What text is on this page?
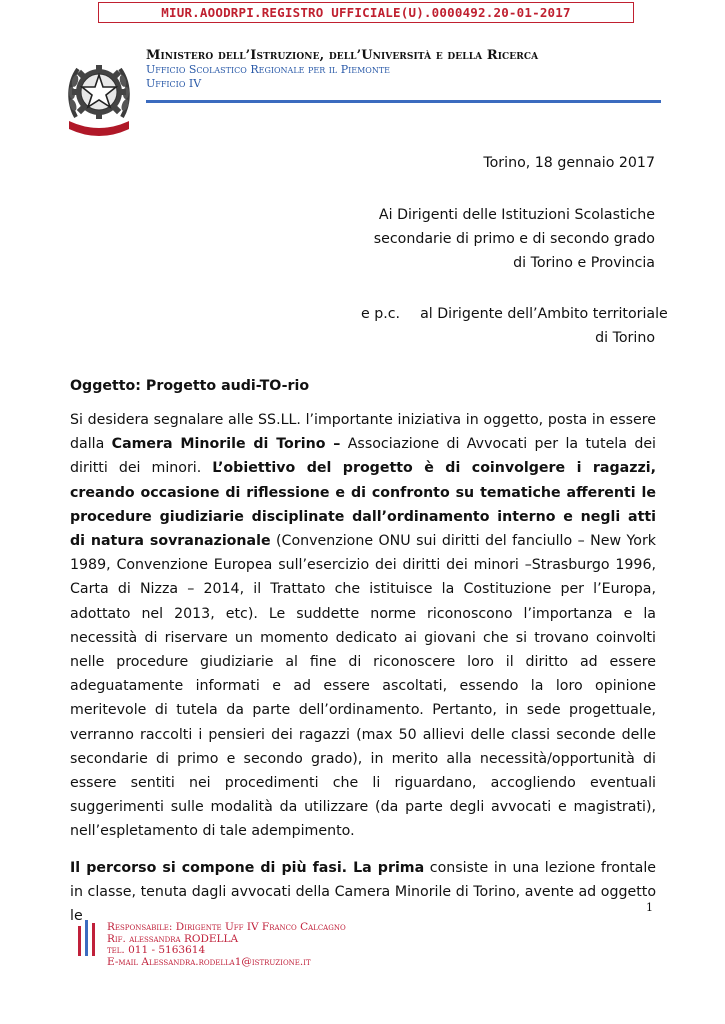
MIUR.AOODRPI.REGISTRO UFFICIALE(U).0000492.20-01-2017
Ministero dell’Istruzione, dell’Università e della Ricerca
Ufficio Scolastico Regionale per il Piemonte
Ufficio IV
Torino, 18 gennaio 2017
Ai Dirigenti delle Istituzioni Scolastiche
secondarie di primo e di secondo grado
di Torino e Provincia
e p.c. al Dirigente dell’Ambito territoriale
di Torino
Oggetto: Progetto audi-TO-rio

Si desidera segnalare alle SS.LL. l’importante iniziativa in oggetto, posta in essere dalla Camera Minorile di Torino – Associazione di Avvocati per la tutela dei diritti dei minori. L’obiettivo del progetto è di coinvolgere i ragazzi, creando occasione di riflessione e di confronto su tematiche afferenti le procedure giudiziarie disciplinate dall’ordinamento interno e negli atti di natura sovranazionale (Convenzione ONU sui diritti del fanciullo – New York 1989, Convenzione Europea sull’esercizio dei diritti dei minori –Strasburgo 1996, Carta di Nizza – 2014, il Trattato che istituisce la Costituzione per l’Europa, adottato nel 2013, etc). Le suddette norme riconoscono l’importanza e la necessità di riservare un momento dedicato ai giovani che si trovano coinvolti nelle procedure giudiziarie al fine di riconoscere loro il diritto ad essere adeguatamente informati e ad essere ascoltati, essendo la loro opinione meritevole di tutela da parte dell’ordinamento. Pertanto, in sede progettuale, verranno raccolti i pensieri dei ragazzi (max 50 allievi delle classi seconde delle secondarie di primo e secondo grado), in merito alla necessità/opportunità di essere sentiti nei procedimenti che li riguardano, accogliendo eventuali suggerimenti sulle modalità da utilizzare (da parte degli avvocati e magistrati), nell’espletamento di tale adempimento.

Il percorso si compone di più fasi. La prima consiste in una lezione frontale in classe, tenuta dagli avvocati della Camera Minorile di Torino, avente ad oggetto le

1
Responsabile: Dirigente Uff IV Franco Calcagno
Rif. alessandra RODELLA
tel. 011 - 5163614
E-mail Alessandra.rodella1@istruzione.it
